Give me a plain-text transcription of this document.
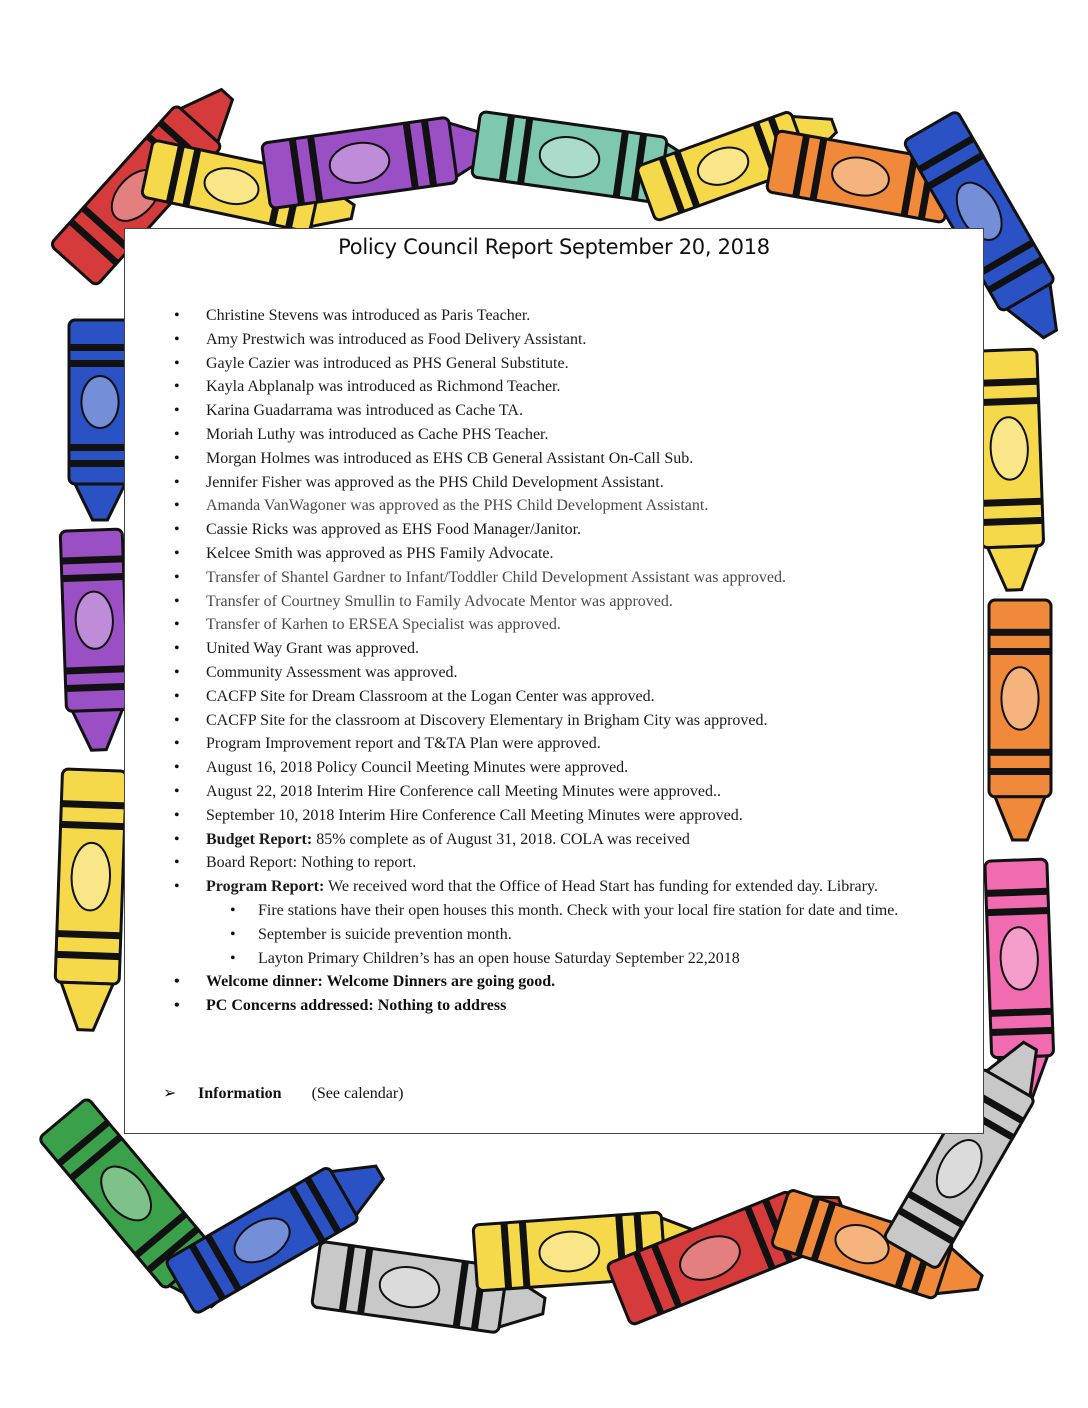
Policy Council Report September 20, 2018
• Christine Stevens was introduced as Paris Teacher.
• Amy Prestwich was introduced as Food Delivery Assistant.
• Gayle Cazier was introduced as PHS General Substitute.
• Kayla Abplanalp was introduced as Richmond Teacher.
• Karina Guadarrama was introduced as Cache TA.
• Moriah Luthy was introduced as Cache PHS Teacher.
• Morgan Holmes was introduced as EHS CB General Assistant On-Call Sub.
• Jennifer Fisher was approved as the PHS Child Development Assistant.
• Amanda VanWagoner was approved as the PHS Child Development Assistant.
• Cassie Ricks was approved as EHS Food Manager/Janitor.
• Kelcee Smith was approved as PHS Family Advocate.
• Transfer of Shantel Gardner to Infant/Toddler Child Development Assistant was approved.
• Transfer of Courtney Smullin to Family Advocate Mentor was approved.
• Transfer of Karhen to ERSEA Specialist was approved.
• United Way Grant was approved.
• Community Assessment was approved.
• CACFP Site for Dream Classroom at the Logan Center was approved.
• CACFP Site for the classroom at Discovery Elementary in Brigham City was approved.
• Program Improvement report and T&TA Plan were approved.
• August 16, 2018 Policy Council Meeting Minutes were approved.
• August 22, 2018 Interim Hire Conference call Meeting Minutes were approved..
• September 10, 2018 Interim Hire Conference Call Meeting Minutes were approved.
• Budget Report: 85% complete as of August 31, 2018. COLA was received
• Board Report: Nothing to report.
• Program Report: We received word that the Office of Head Start has funding for extended day. Library.
• Fire stations have their open houses this month. Check with your local fire station for date and time.
• September is suicide prevention month.
• Layton Primary Children’s has an open house Saturday September 22,2018
• Welcome dinner: Welcome Dinners are going good.
• PC Concerns addressed: Nothing to address
➢ Information (See calendar)
